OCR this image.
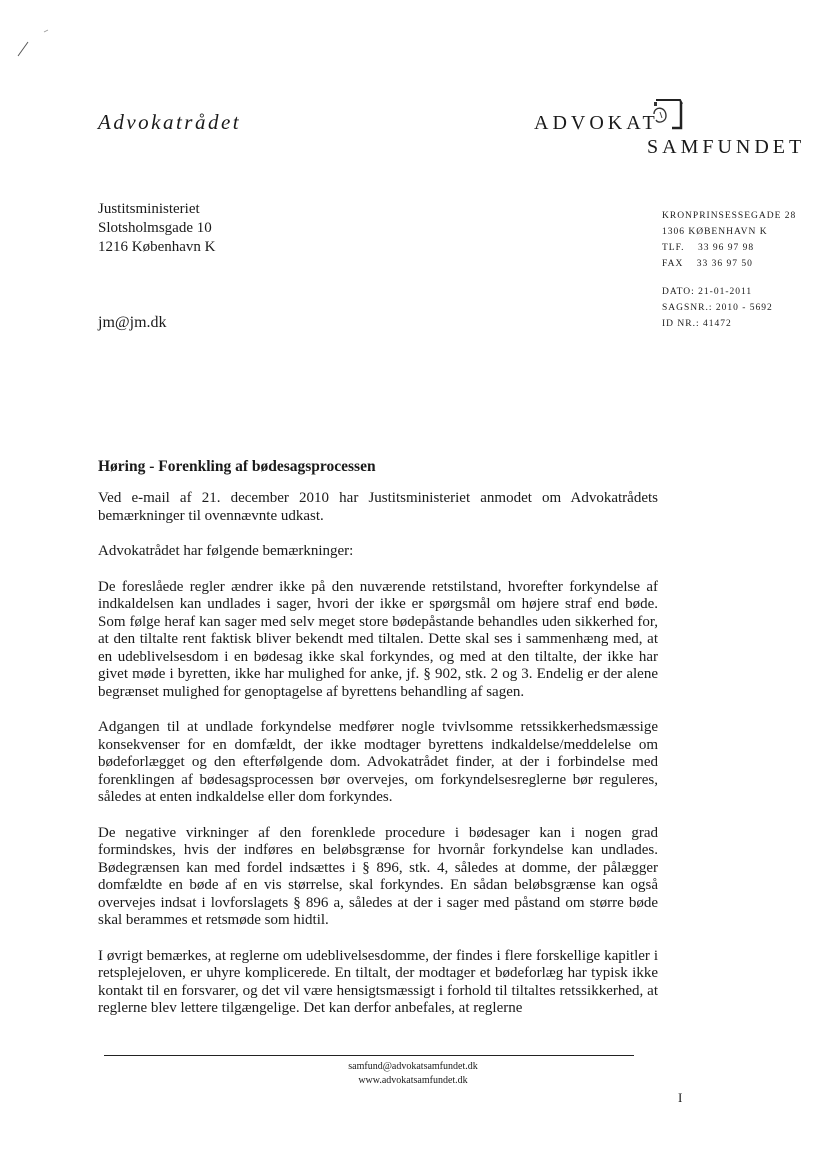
Advokatrådet	ADVOKAT
SAMFUNDET
Justitsministeriet
Slotsholmsgade 10
1216 København K
jm@jm.dk
KRONPRINSESSEGADE 28
1306 KØBENHAVN K
TLF.    33 96 97 98
FAX    33 36 97 50
DATO: 21-01-2011
SAGSNR.: 2010 - 5692
ID NR.: 41472
Høring - Forenkling af bødesagsprocessen

Ved e-mail af 21. december 2010 har Justitsministeriet anmodet om Advokatrådets bemærkninger til ovennævnte udkast.

Advokatrådet har følgende bemærkninger:

De foreslåede regler ændrer ikke på den nuværende retstilstand, hvorefter forkyndelse af indkaldelsen kan undlades i sager, hvori der ikke er spørgsmål om højere straf end bøde. Som følge heraf kan sager med selv meget store bødepåstande behandles uden sikkerhed for, at den tiltalte rent faktisk bliver bekendt med tiltalen. Dette skal ses i sammenhæng med, at en udeblivelsesdom i en bødesag ikke skal forkyndes, og med at den tiltalte, der ikke har givet møde i byretten, ikke har mulighed for anke, jf. § 902, stk. 2 og 3. Endelig er der alene begrænset mulighed for genoptagelse af byrettens behandling af sagen.

Adgangen til at undlade forkyndelse medfører nogle tvivlsomme retssikkerhedsmæssige konsekvenser for en domfældt, der ikke modtager byrettens indkaldelse/meddelelse om bødeforlægget og den efterfølgende dom. Advokatrådet finder, at der i forbindelse med forenklingen af bødesagsprocessen bør overvejes, om forkyndelsesreglerne bør reguleres, således at enten indkaldelse eller dom forkyndes.

De negative virkninger af den forenklede procedure i bødesager kan i nogen grad formindskes, hvis der indføres en beløbsgrænse for hvornår forkyndelse kan undlades. Bødegrænsen kan med fordel indsættes i § 896, stk. 4, således at domme, der pålægger domfældte en bøde af en vis størrelse, skal forkyndes. En sådan beløbsgrænse kan også overvejes indsat i lovforslagets § 896 a, således at der i sager med påstand om større bøde skal berammes et retsmøde som hidtil.

I øvrigt bemærkes, at reglerne om udeblivelsesdomme, der findes i flere forskellige kapitler i retsplejeloven, er uhyre komplicerede. En tiltalt, der modtager et bødeforlæg har typisk ikke kontakt til en forsvarer, og det vil være hensigtsmæssigt i forhold til tiltaltes retssikkerhed, at reglerne blev lettere tilgængelige. Det kan derfor anbefales, at reglerne

samfund@advokatsamfundet.dk
www.advokatsamfundet.dk
I
